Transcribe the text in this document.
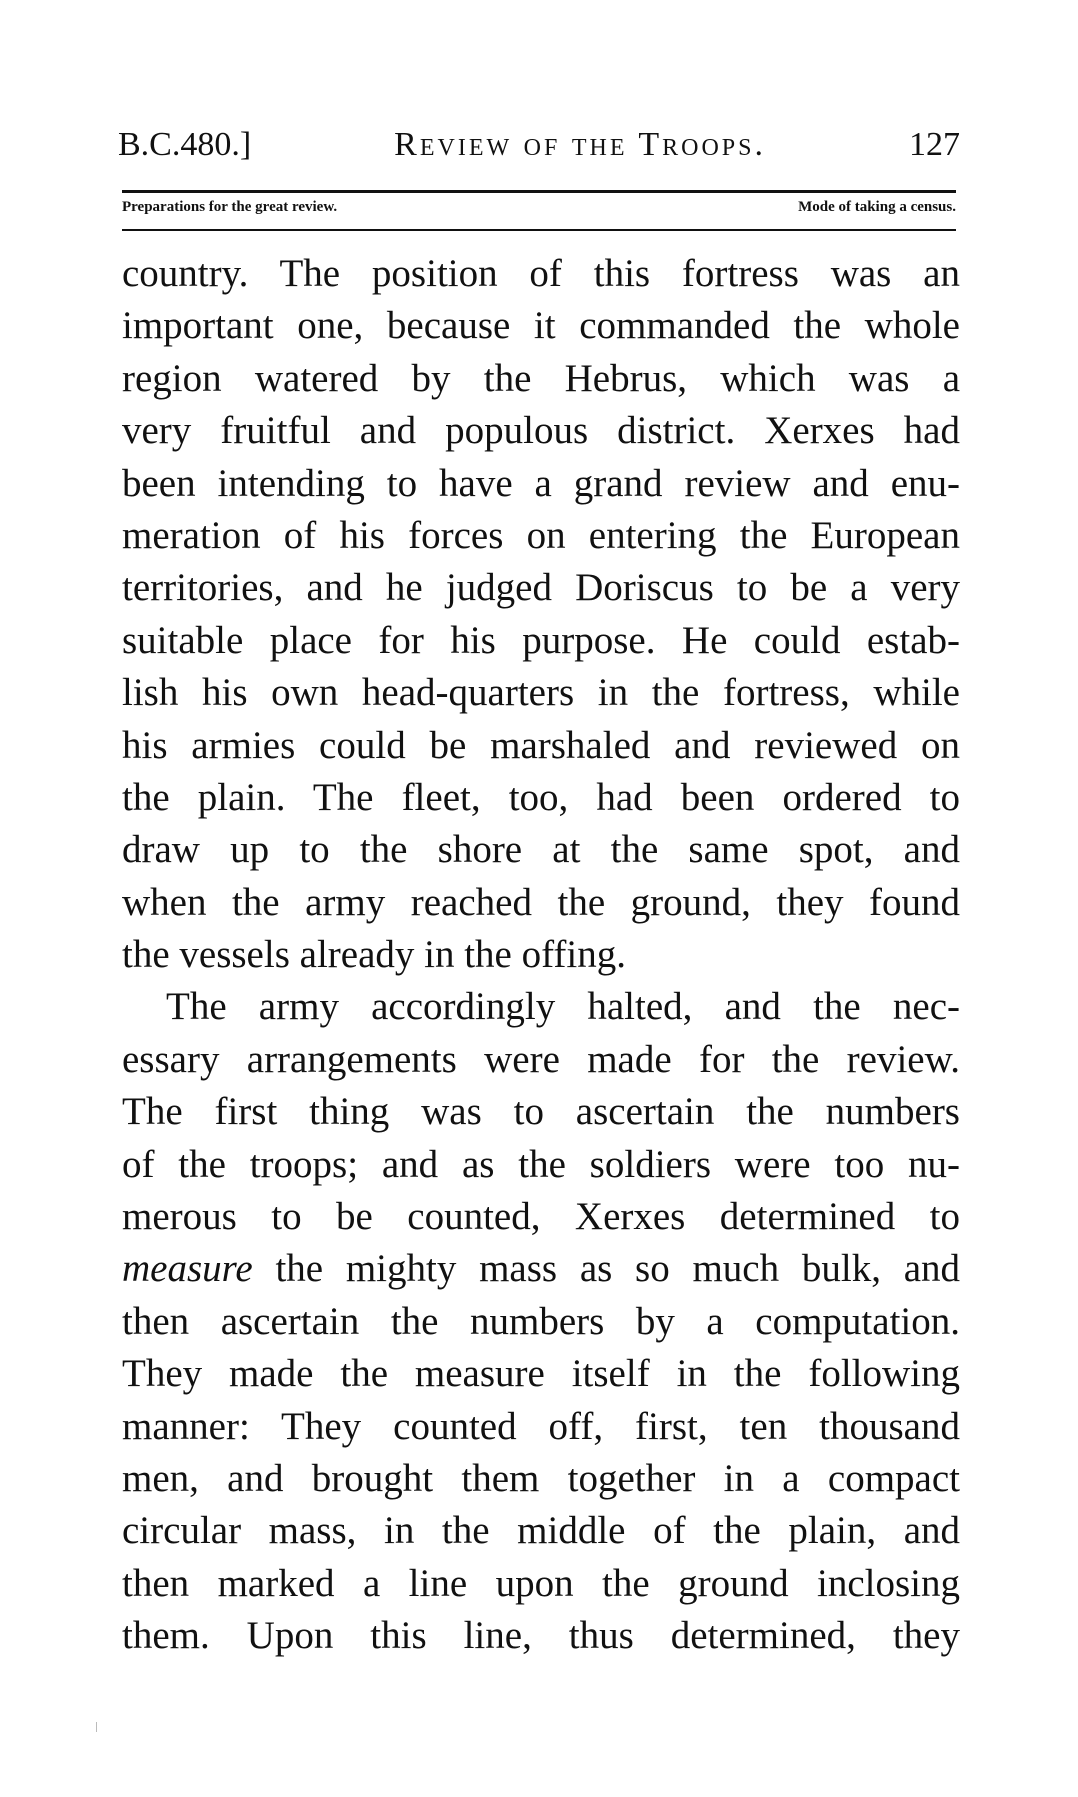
B.C.480.]	Review of the Troops.	127
Preparations for the great review.	Mode of taking a census.
country. The position of this fortress was an
important one, because it commanded the whole
region watered by the Hebrus, which was a
very fruitful and populous district. Xerxes had
been intending to have a grand review and enu-
meration of his forces on entering the European
territories, and he judged Doriscus to be a very
suitable place for his purpose. He could estab-
lish his own head-quarters in the fortress, while
his armies could be marshaled and reviewed on
the plain. The fleet, too, had been ordered to
draw up to the shore at the same spot, and
when the army reached the ground, they found
the vessels already in the offing.
The army accordingly halted, and the nec-
essary arrangements were made for the review.
The first thing was to ascertain the numbers
of the troops; and as the soldiers were too nu-
merous to be counted, Xerxes determined to
measure the mighty mass as so much bulk, and
then ascertain the numbers by a computation.
They made the measure itself in the following
manner: They counted off, first, ten thousand
men, and brought them together in a compact
circular mass, in the middle of the plain, and
then marked a line upon the ground inclosing
them. Upon this line, thus determined, they
